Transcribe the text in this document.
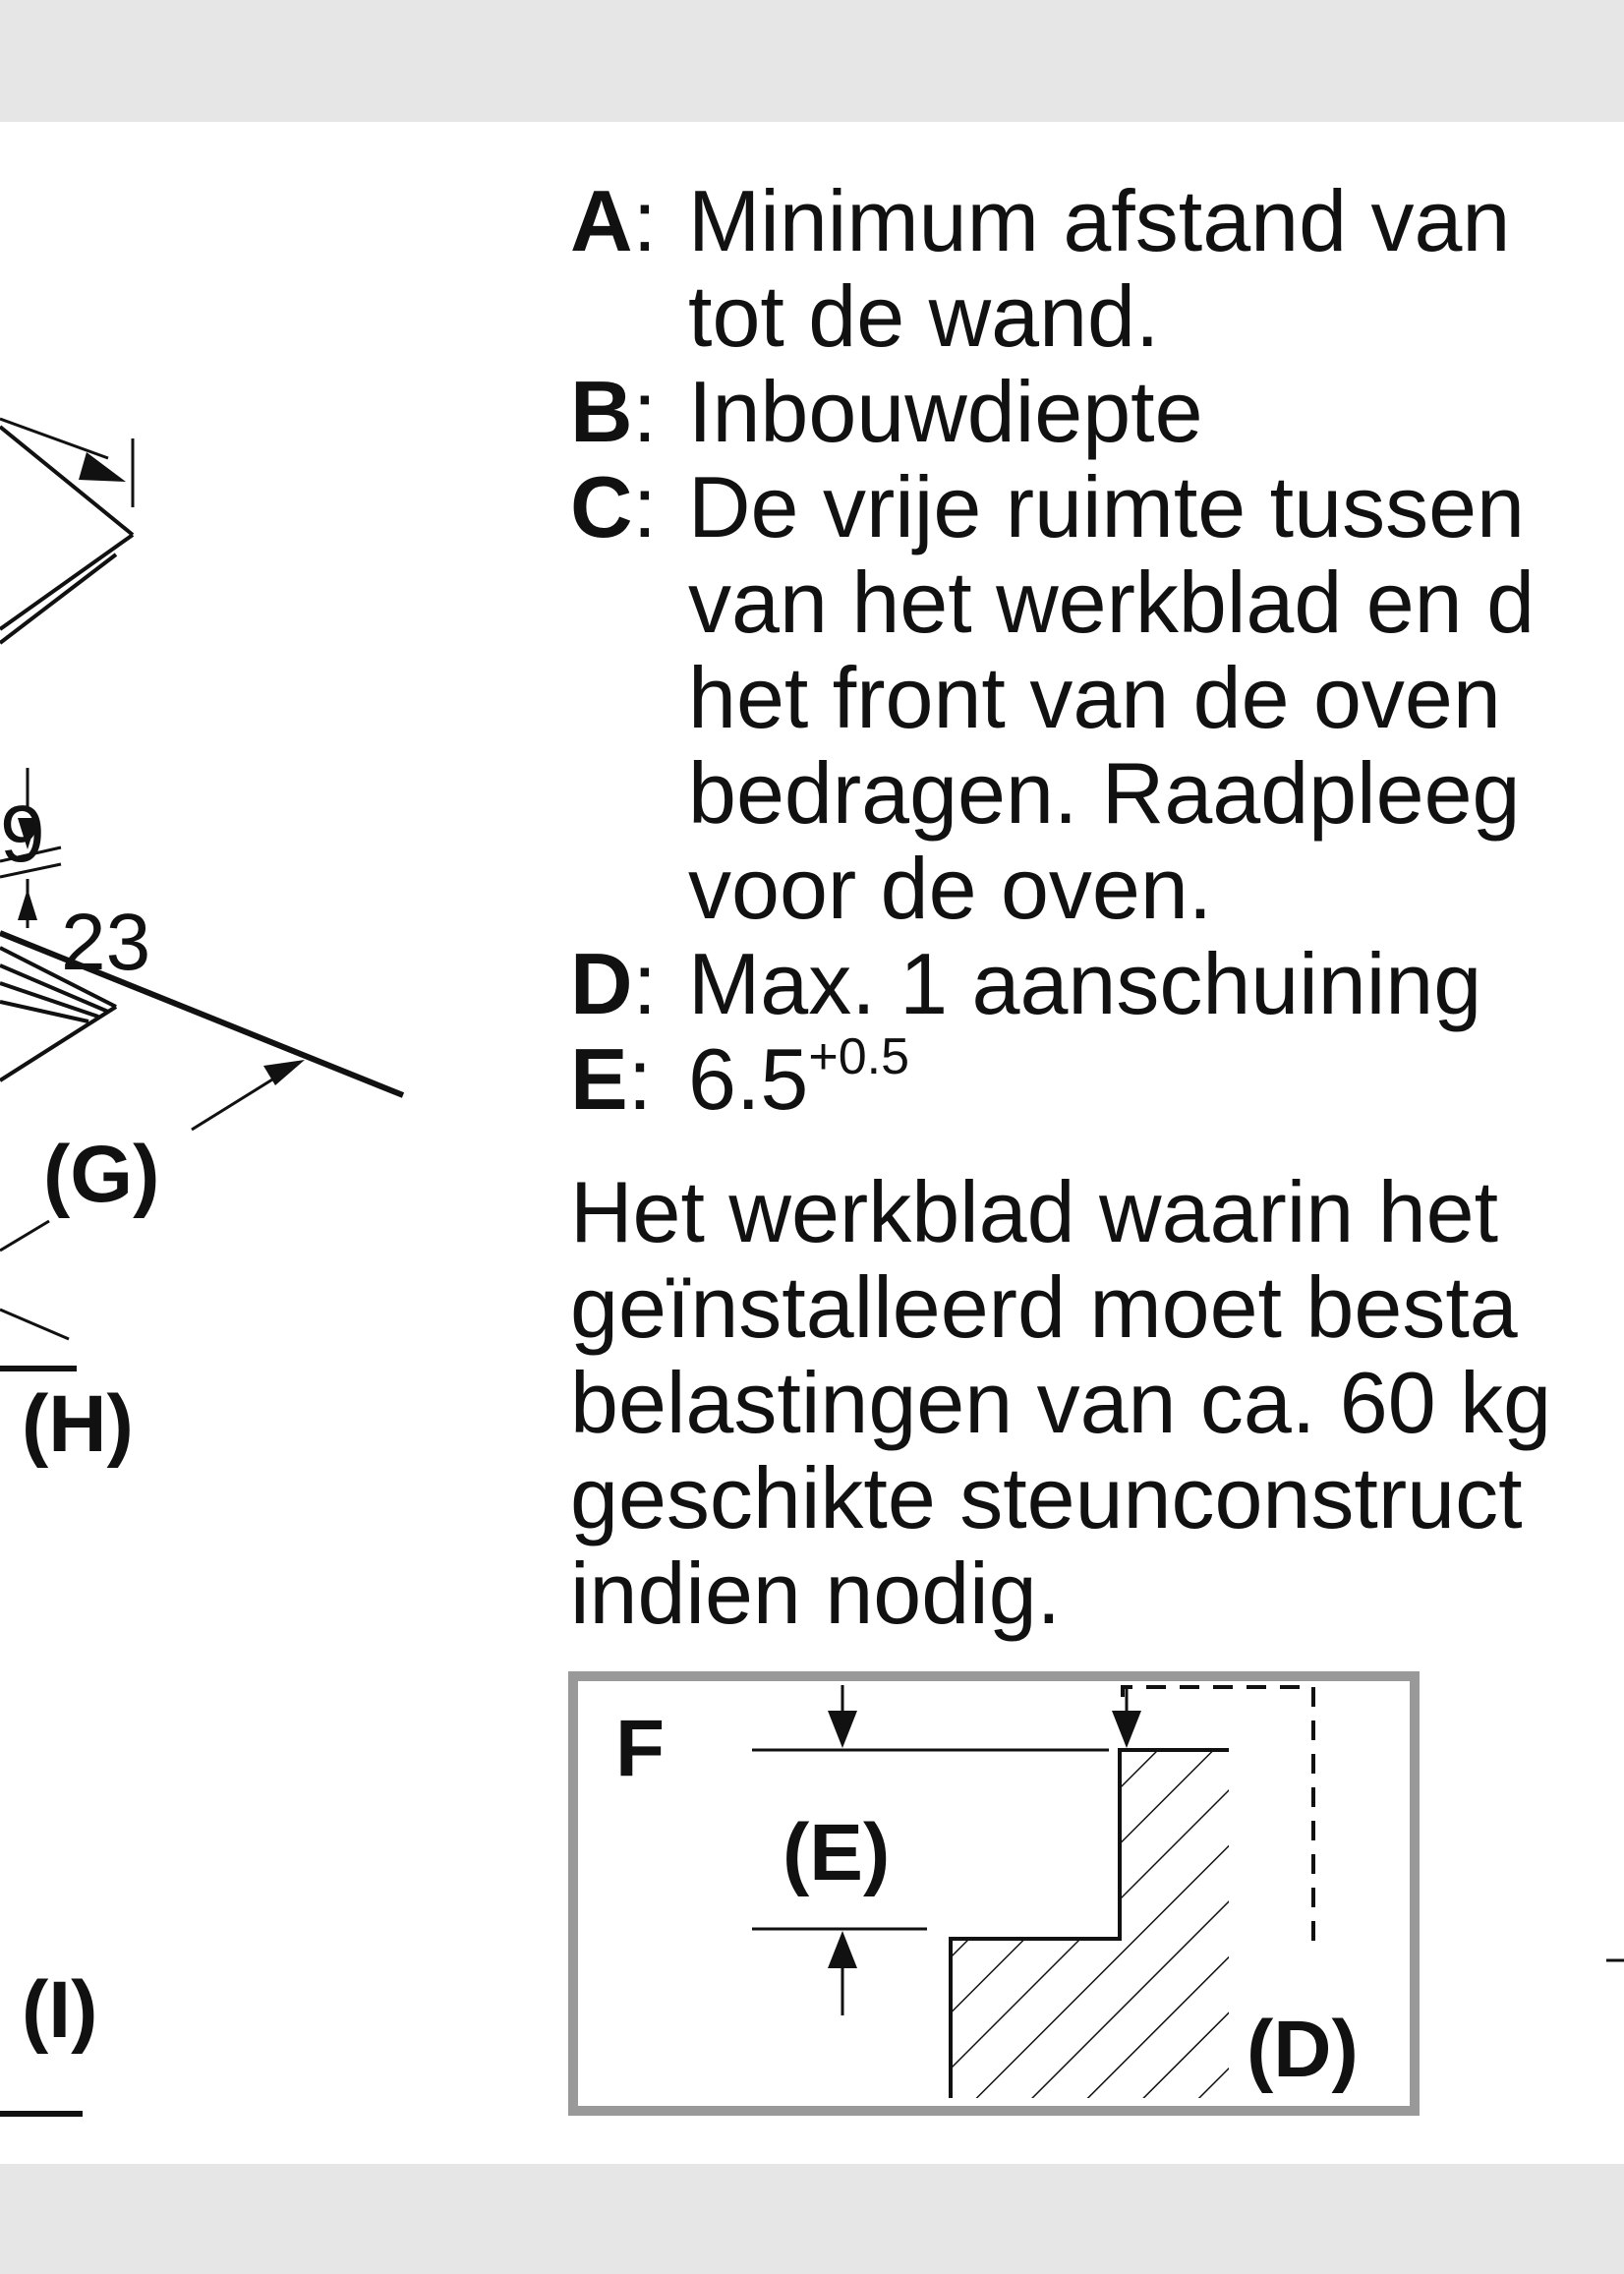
9
23
(G)
(H)
(I)
A: Minimum afstand van
tot de wand.
B: Inbouwdiepte
C: De vrije ruimte tussen
van het werkblad en d
het front van de oven
bedragen. Raadpleeg
voor de oven.
D: Max. 1 aanschuining
E: $6.5^{+0.5}$
Het werkblad waarin het
geïnstalleerd moet besta
belastingen van ca. 60 kg
geschikte steunconstruct
indien nodig.
F
(E)
(D)
